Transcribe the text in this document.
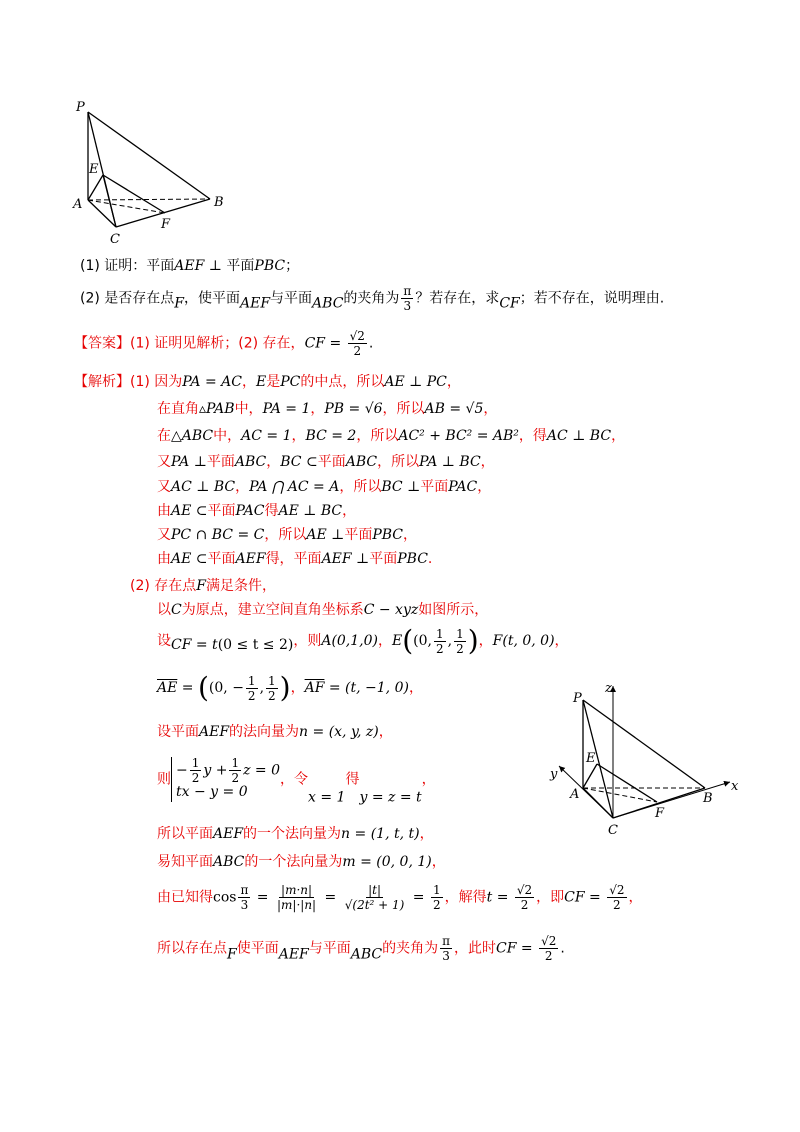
P
E
A	B
F
C
(1) 证明：平面AEF ⊥ 平面PBC；
(2) 是否存在点F，使平面AEF与平面ABC的夹角为 $\frac{\pi}{3}$ ？若存在，求CF；若不存在，说明理由.
【答案】(1) 证明见解析；(2) 存在，CF = $\frac{√2}{2}$ .
【解析】(1) 因为PA = AC，E是PC的中点，所以AE ⊥ PC，
在直角▵PAB中，PA = 1，PB = √6，所以AB = √5，
在△ABC中，AC = 1，BC = 2，所以AC² + BC² = AB²，得AC ⊥ BC，
又PA ⊥平面ABC，BC ⊂平面ABC，所以PA ⊥ BC，
又AC ⊥ BC，PA ⋂ AC = A，所以BC ⊥平面PAC，
由AE ⊂平面PAC得AE ⊥ BC，
又PC ∩ BC = C，所以AE ⊥平面PBC，
由AE ⊂平面AEF得，平面AEF ⊥平面PBC.
(2) 存在点F满足条件，
以C为原点，建立空间直角坐标系C − xyz如图所示，
设CF = t(0 ≤ t ≤ 2)，则A(0,1,0)，E((0, $\frac{1}{2}$ , $\frac{1}{2}$ )，F(t, 0, 0)，
$\overline{AE} = ((0$, − $\frac{1}{2}$ , $\frac{1}{2}$ )，$\overline{AF} = (t$, −1, 0)，
设平面AEF的法向量为n = (x, y, z)，
则
− $\frac{1}{2}$ $y + \frac{1}{2}$ z = 0
tx − y = 0
，令x = 1得y = z = t，
所以平面AEF的一个法向量为n = (1, t, t)，
易知平面ABC的一个法向量为m = (0, 0, 1)，
由已知得$\cos \frac{\pi}{3} = \frac{|m\cdot n|}{|m|\cdot|n|} = \frac{|t|}{\text{√(2t² + 1)}} = \frac{1}{2}$ ，解得$t = \frac{√2}{2}$ ，即CF = $\frac{√2}{2}$ ，
所以存在点F使平面AEF与平面ABC的夹角为 $\frac{\pi}{3}$ ，此时CF = $\frac{√2}{2}$ .
P
z
E
y
A	B
x
F
C
